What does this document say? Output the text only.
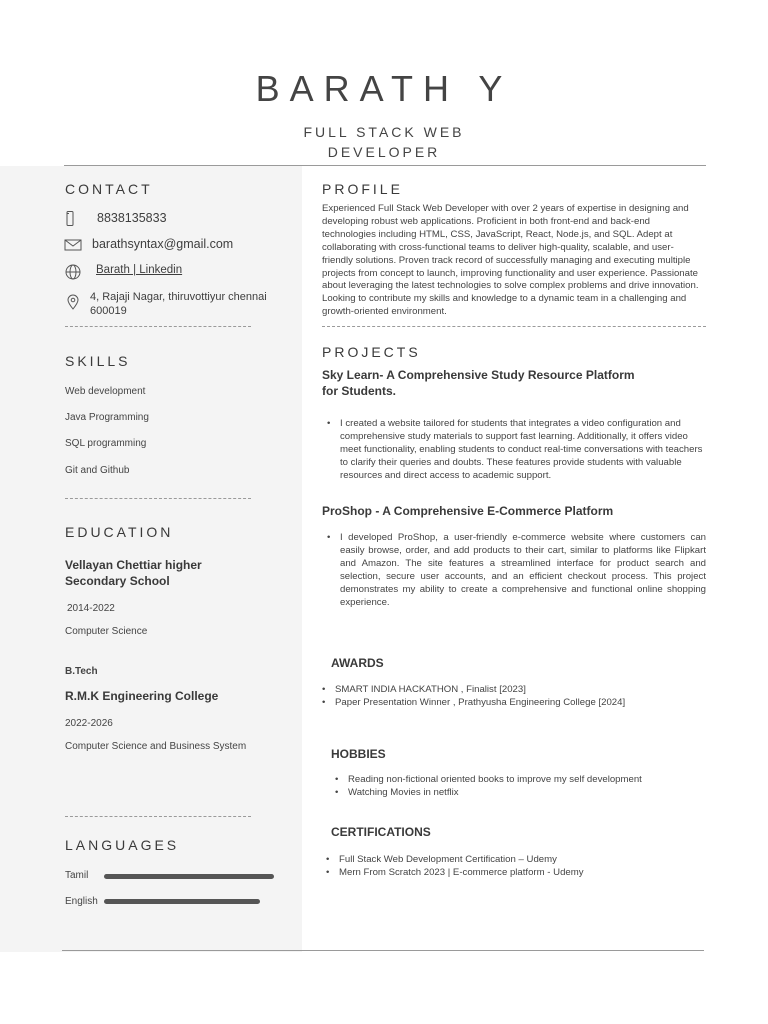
BARATH Y
FULL STACK WEB
DEVELOPER
CONTACT
8838135833
barathsyntax@gmail.com
Barath | Linkedin
4, Rajaji Nagar, thiruvottiyur chennai
600019
SKILLS
Web development
Java Programming
SQL programming
Git and Github
EDUCATION
Vellayan Chettiar higher
Secondary School
2014-2022
Computer Science
B.Tech
R.M.K Engineering College
2022-2026
Computer Science and Business System
LANGUAGES
Tamil
English
PROFILE
Experienced Full Stack Web Developer with over 2 years of expertise in designing and
developing robust web applications. Proficient in both front-end and back-end
technologies including HTML, CSS, JavaScript, React, Node.js, and SQL. Adept at
collaborating with cross-functional teams to deliver high-quality, scalable, and user-
friendly solutions. Proven track record of successfully managing and executing multiple
projects from concept to launch, improving functionality and user experience. Passionate
about leveraging the latest technologies to solve complex problems and drive innovation.
Looking to contribute my skills and knowledge to a dynamic team in a challenging and
growth-oriented environment.
PROJECTS
Sky Learn- A Comprehensive Study Resource Platform
for Students.
• I created a website tailored for students that integrates a video configuration and comprehensive study materials to support fast learning. Additionally, it offers video meet functionality, enabling students to conduct real-time conversations with teachers to clarify their queries and doubts. These features provide students with valuable resources and direct access to academic support.
ProShop - A Comprehensive E-Commerce Platform
• I developed ProShop, a user-friendly e-commerce website where customers can easily browse, order, and add products to their cart, similar to platforms like Flipkart and Amazon. The site features a streamlined interface for product search and selection, secure user accounts, and an efficient checkout process. This project demonstrates my ability to create a comprehensive and functional online shopping experience.
AWARDS
• SMART INDIA HACKATHON , Finalist [2023]
• Paper Presentation Winner , Prathyusha Engineering College [2024]
HOBBIES
• Reading non-fictional oriented books to improve my self development
• Watching Movies in netflix
CERTIFICATIONS
• Full Stack Web Development Certification – Udemy
• Mern From Scratch 2023 | E-commerce platform - Udemy
